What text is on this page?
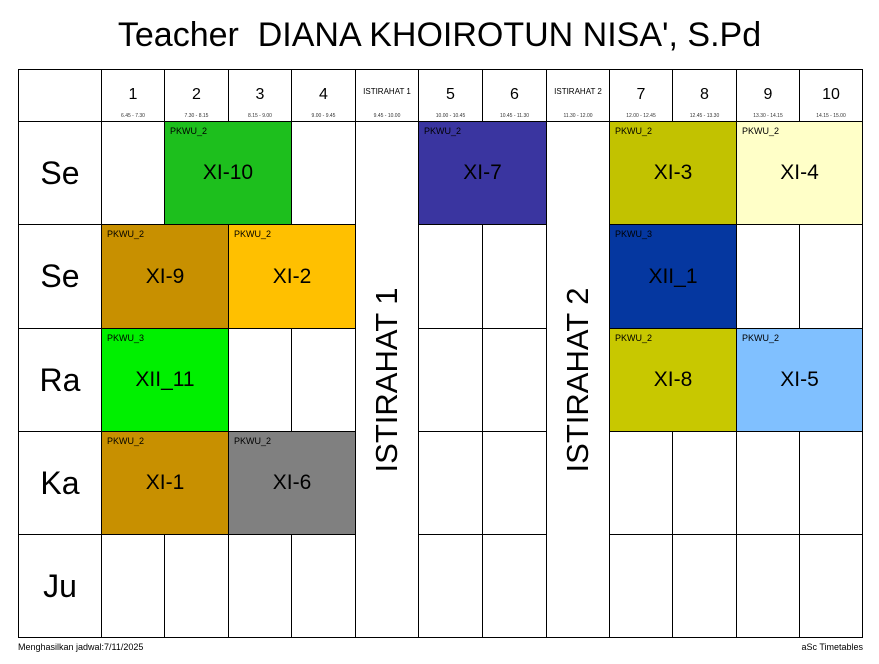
Teacher  DIANA KHOIROTUN NISA', S.Pd
1
6.45 - 7.30
2
7.30 - 8.15
3
8.15 - 9.00
4
9.00 - 9.45
ISTIRAHAT 1
9.45 - 10.00
5
10.00 - 10.45
6
10.45 - 11.30
ISTIRAHAT 2
11.30 - 12.00
7
12.00 - 12.45
8
12.45 - 13.30
9
13.30 - 14.15
10
14.15 - 15.00
Se
Se
Ra
Ka
Ju
ISTIRAHAT 1	ISTIRAHAT 2
PKWU_2
XI-10
PKWU_2
XI-7
PKWU_2
XI-3
PKWU_2
XI-4
PKWU_2
XI-9
PKWU_2
XI-2
PKWU_3
XII_1
PKWU_3
XII_11
PKWU_2
XI-8
PKWU_2
XI-5
PKWU_2
XI-1
PKWU_2
XI-6
Menghasilkan jadwal:7/11/2025	aSc Timetables
